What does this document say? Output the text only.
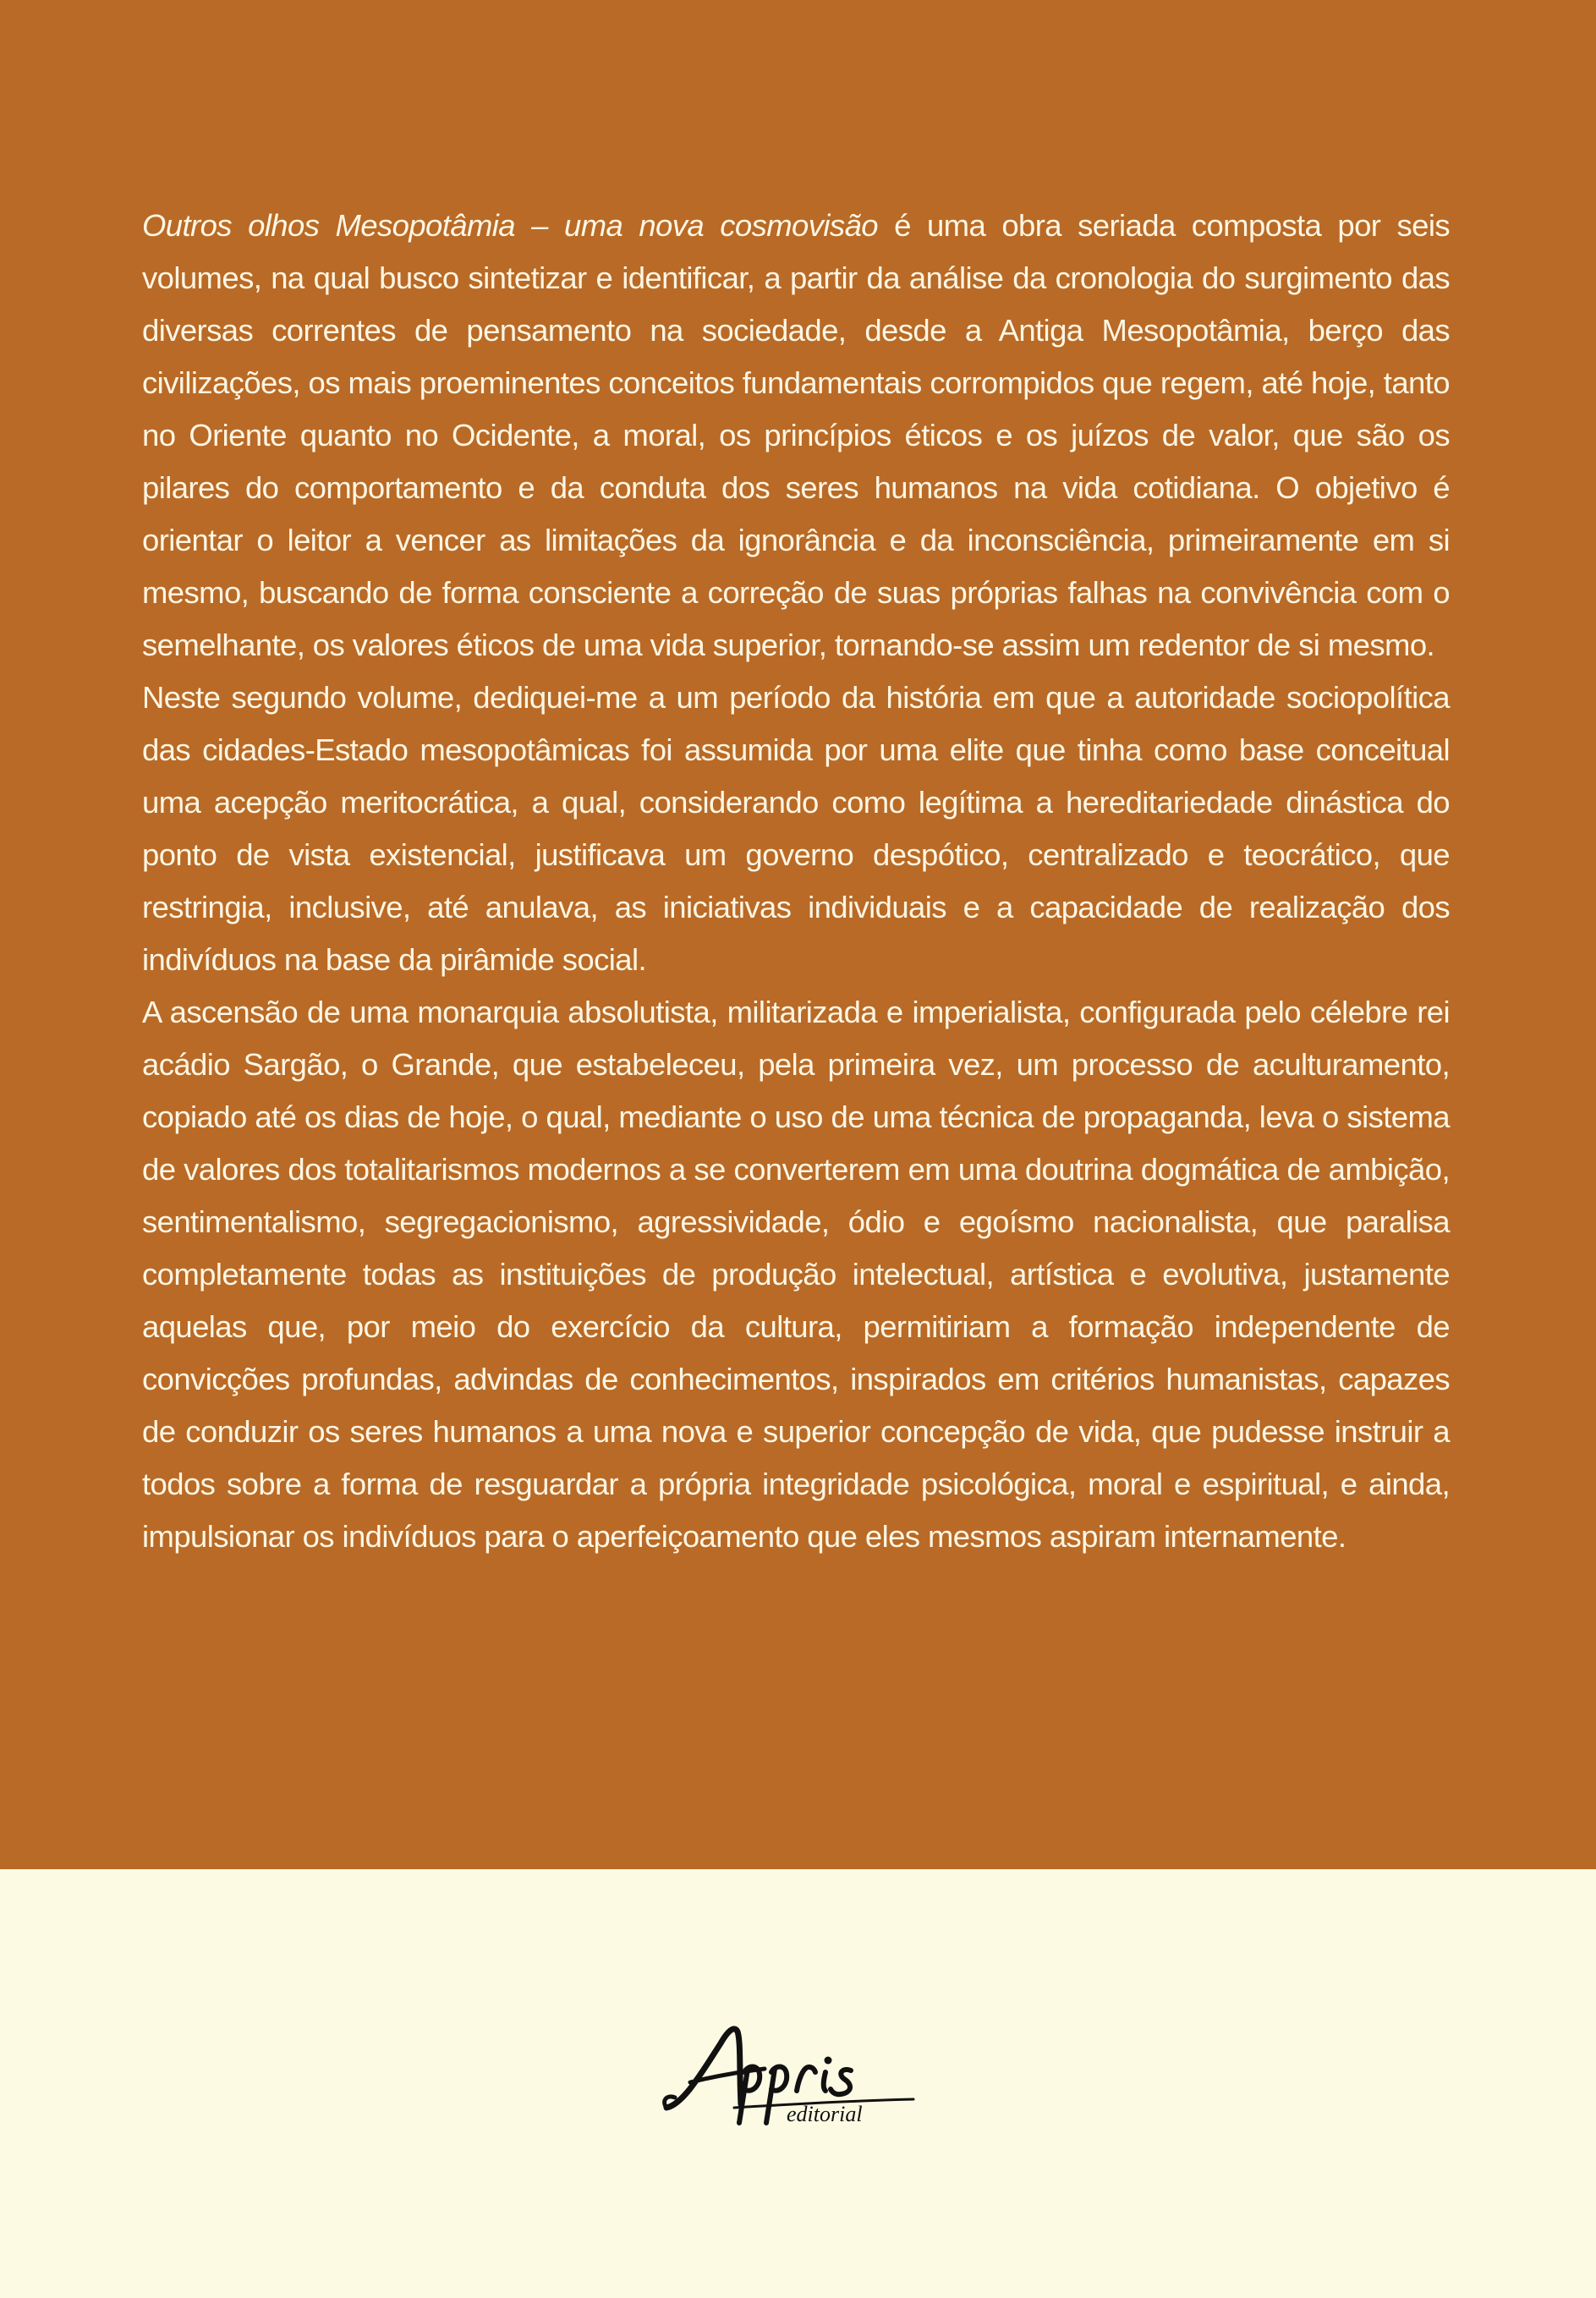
Outros olhos Mesopotâmia – uma nova cosmovisão é uma obra seriada composta por seis volumes, na qual busco sintetizar e identificar, a partir da análise da cronologia do surgimento das diversas correntes de pensamento na sociedade, desde a Antiga Mesopotâmia, berço das civilizações, os mais proeminentes conceitos fundamentais corrompidos que regem, até hoje, tanto no Oriente quanto no Ocidente, a moral, os princípios éticos e os juízos de valor, que são os pilares do comportamento e da conduta dos seres humanos na vida cotidiana. O objetivo é orientar o leitor a vencer as limitações da ignorância e da inconsciência, primeiramente em si mesmo, buscando de forma consciente a correção de suas próprias falhas na convivência com o semelhante, os valores éticos de uma vida superior, tornando-se assim um redentor de si mesmo.

Neste segundo volume, dediquei-me a um período da história em que a autoridade sociopolítica das cidades-Estado mesopotâmicas foi assumida por uma elite que tinha como base conceitual uma acepção meritocrática, a qual, considerando como legítima a hereditariedade dinástica do ponto de vista existencial, justificava um governo despótico, centralizado e teocrático, que restringia, inclusive, até anulava, as iniciativas individuais e a capacidade de realização dos indivíduos na base da pirâmide social.

A ascensão de uma monarquia absolutista, militarizada e imperialista, configurada pelo célebre rei acádio Sargão, o Grande, que estabeleceu, pela primeira vez, um processo de aculturamento, copiado até os dias de hoje, o qual, mediante o uso de uma técnica de propaganda, leva o sistema de valores dos totalitarismos modernos a se converterem em uma doutrina dogmática de ambição, sentimentalismo, segregacionismo, agressividade, ódio e egoísmo nacionalista, que paralisa completamente todas as instituições de produção intelectual, artística e evolutiva, justamente aquelas que, por meio do exercício da cultura, permitiriam a formação independente de convicções profundas, advindas de conhecimentos, inspirados em critérios humanistas, capazes de conduzir os seres humanos a uma nova e superior concepção de vida, que pudesse instruir a todos sobre a forma de resguardar a própria integridade psicológica, moral e espiritual, e ainda, impulsionar os indivíduos para o aperfeiçoamento que eles mesmos aspiram internamente.

editorial
